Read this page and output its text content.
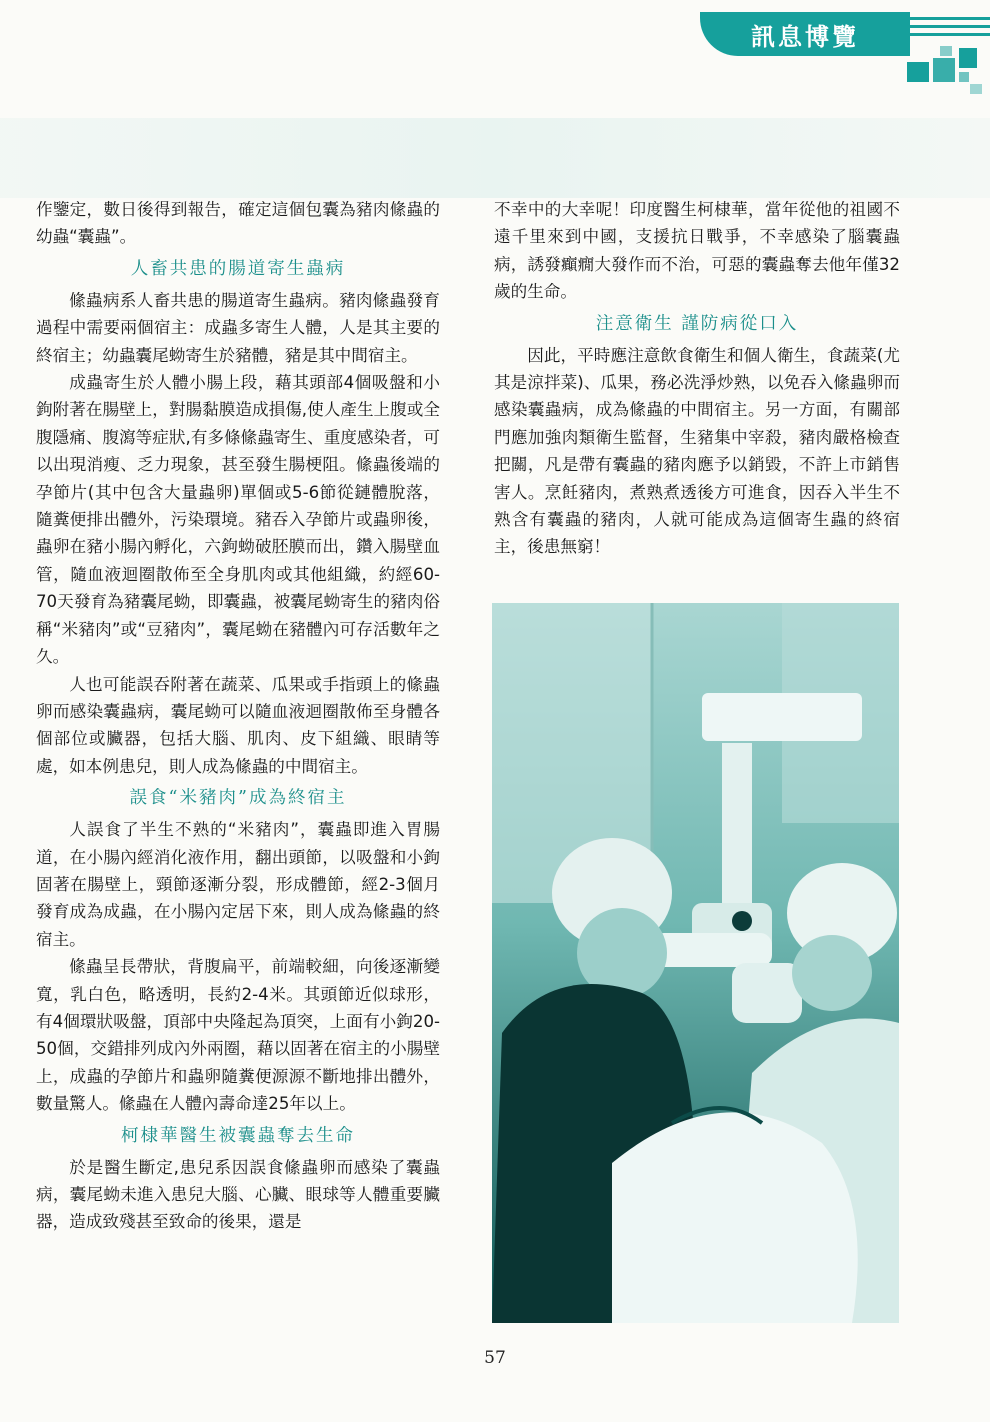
訊息博覽

作鑒定，數日後得到報告，確定這個包囊為豬肉絛蟲的幼蟲“囊蟲”。

人畜共患的腸道寄生蟲病

絛蟲病系人畜共患的腸道寄生蟲病。豬肉絛蟲發育過程中需要兩個宿主：成蟲多寄生人體，人是其主要的終宿主；幼蟲囊尾蚴寄生於豬體，豬是其中間宿主。

成蟲寄生於人體小腸上段，藉其頭部4個吸盤和小鉤附著在腸壁上，對腸黏膜造成損傷,使人產生上腹或全腹隱痛、腹瀉等症狀,有多條絛蟲寄生、重度感染者，可以出現消瘦、乏力現象，甚至發生腸梗阻。絛蟲後端的孕節片(其中包含大量蟲卵)單個或5-6節從鏈體脫落，隨糞便排出體外，污染環境。豬吞入孕節片或蟲卵後，蟲卵在豬小腸內孵化，六鉤蚴破胚膜而出，鑽入腸壁血管，隨血液迴圈散佈至全身肌肉或其他組織，約經60-70天發育為豬囊尾蚴，即囊蟲，被囊尾蚴寄生的豬肉俗稱“米豬肉”或“豆豬肉”，囊尾蚴在豬體內可存活數年之久。

人也可能誤吞附著在蔬菜、瓜果或手指頭上的絛蟲卵而感染囊蟲病，囊尾蚴可以隨血液迴圈散佈至身體各個部位或臟器，包括大腦、肌肉、皮下組織、眼睛等處，如本例患兒，則人成為絛蟲的中間宿主。

誤食“米豬肉”成為終宿主

人誤食了半生不熟的“米豬肉”，囊蟲即進入胃腸道，在小腸內經消化液作用，翻出頭節，以吸盤和小鉤固著在腸壁上，頸節逐漸分裂，形成體節，經2-3個月發育成為成蟲，在小腸內定居下來，則人成為絛蟲的終宿主。

絛蟲呈長帶狀，背腹扁平，前端較細，向後逐漸變寬，乳白色，略透明，長約2-4米。其頭節近似球形，有4個環狀吸盤，頂部中央隆起為頂突，上面有小鉤20-50個，交錯排列成內外兩圈，藉以固著在宿主的小腸壁上，成蟲的孕節片和蟲卵隨糞便源源不斷地排出體外，數量驚人。絛蟲在人體內壽命達25年以上。

柯棣華醫生被囊蟲奪去生命

於是醫生斷定,患兒系因誤食絛蟲卵而感染了囊蟲病，囊尾蚴未進入患兒大腦、心臟、眼球等人體重要臟器，造成致殘甚至致命的後果，還是

不幸中的大幸呢！印度醫生柯棣華，當年從他的祖國不遠千里來到中國，支援抗日戰爭，不幸感染了腦囊蟲病，誘發癲癇大發作而不治，可惡的囊蟲奪去他年僅32歲的生命。

注意衛生 謹防病從口入

因此，平時應注意飲食衛生和個人衛生，食蔬菜(尤其是涼拌菜)、瓜果，務必洗淨炒熟，以免吞入絛蟲卵而感染囊蟲病，成為絛蟲的中間宿主。另一方面，有關部門應加強肉類衛生監督，生豬集中宰殺，豬肉嚴格檢查把關，凡是帶有囊蟲的豬肉應予以銷毀，不許上市銷售害人。烹飪豬肉，煮熟煮透後方可進食，因吞入半生不熟含有囊蟲的豬肉，人就可能成為這個寄生蟲的終宿主，後患無窮！

57
